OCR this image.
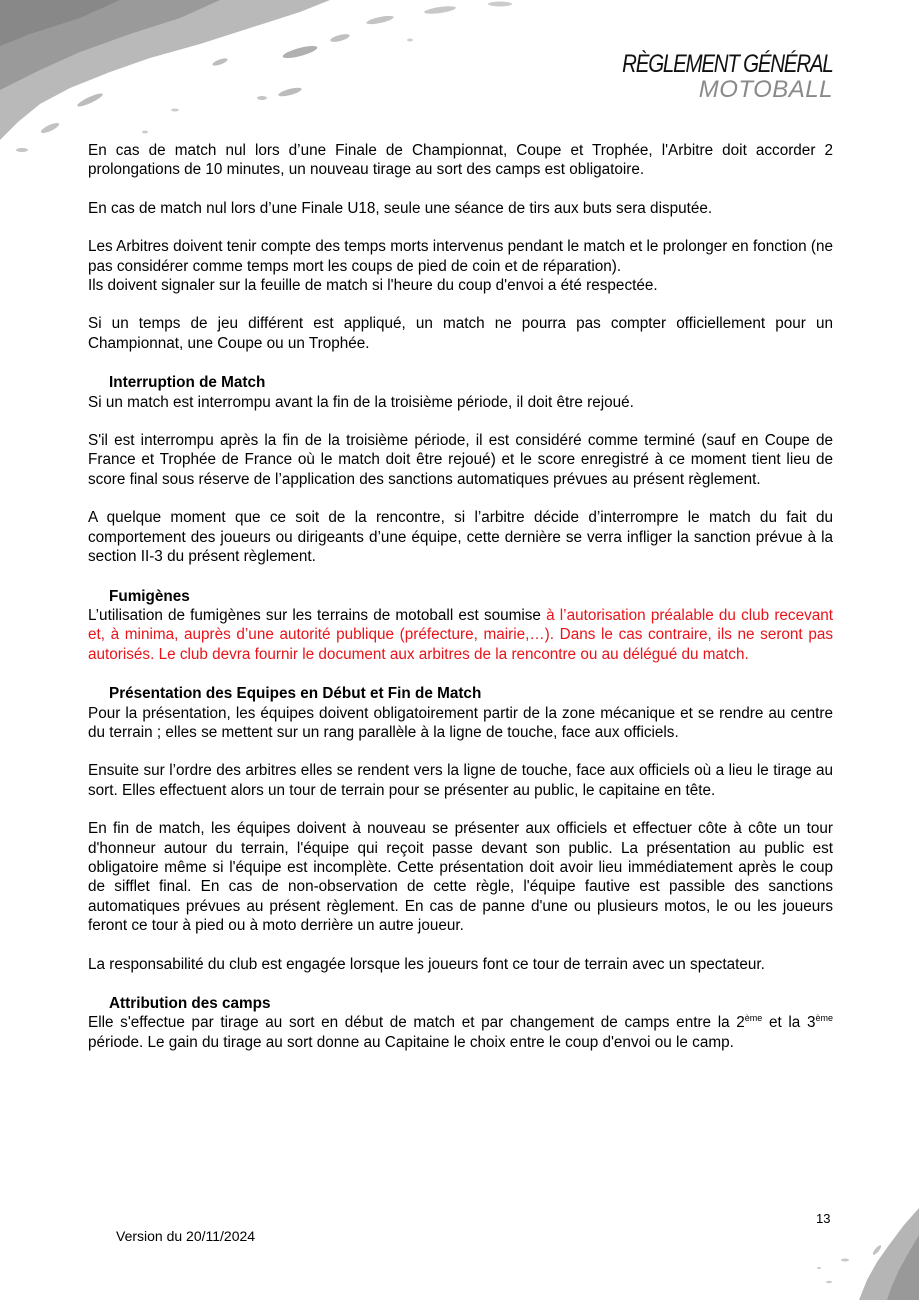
RÈGLEMENT GÉNÉRAL
MOTOBALL

En cas de match nul lors d’une Finale de Championnat, Coupe et Trophée, l'Arbitre doit accorder 2 prolongations de 10 minutes, un nouveau tirage au sort des camps est obligatoire.

En cas de match nul lors d’une Finale U18, seule une séance de tirs aux buts sera disputée.

Les Arbitres doivent tenir compte des temps morts intervenus pendant le match et le prolonger en fonction (ne pas considérer comme temps mort les coups de pied de coin et de réparation).

Ils doivent signaler sur la feuille de match si l'heure du coup d'envoi a été respectée.

Si un temps de jeu différent est appliqué, un match ne pourra pas compter officiellement pour un Championnat, une Coupe ou un Trophée.

Interruption de Match

Si un match est interrompu avant la fin de la troisième période, il doit être rejoué.

S'il est interrompu après la fin de la troisième période, il est considéré comme terminé (sauf en Coupe de France et Trophée de France où le match doit être rejoué) et le score enregistré à ce moment tient lieu de score final sous réserve de l’application des sanctions automatiques prévues au présent règlement.

A quelque moment que ce soit de la rencontre, si l’arbitre décide d’interrompre le match du fait du comportement des joueurs ou dirigeants d’une équipe, cette dernière se verra infliger la sanction prévue à la section II-3 du présent règlement.

Fumigènes

L’utilisation de fumigènes sur les terrains de motoball est soumise à l’autorisation préalable du club recevant et, à minima, auprès d’une autorité publique (préfecture, mairie,…). Dans le cas contraire, ils ne seront pas autorisés. Le club devra fournir le document aux arbitres de la rencontre ou au délégué du match.

Présentation des Equipes en Début et Fin de Match

Pour la présentation, les équipes doivent obligatoirement partir de la zone mécanique et se rendre au centre du terrain ; elles se mettent sur un rang parallèle à la ligne de touche, face aux officiels.

Ensuite sur l’ordre des arbitres elles se rendent vers la ligne de touche, face aux officiels où a lieu le tirage au sort. Elles effectuent alors un tour de terrain pour se présenter au public, le capitaine en tête.

En fin de match, les équipes doivent à nouveau se présenter aux officiels et effectuer côte à côte un tour d'honneur autour du terrain, l'équipe qui reçoit passe devant son public. La présentation au public est obligatoire même si l'équipe est incomplète. Cette présentation doit avoir lieu immédiatement après le coup de sifflet final. En cas de non-observation de cette règle, l'équipe fautive est passible des sanctions automatiques prévues au présent règlement. En cas de panne d'une ou plusieurs motos, le ou les joueurs feront ce tour à pied ou à moto derrière un autre joueur.

La responsabilité du club est engagée lorsque les joueurs font ce tour de terrain avec un spectateur.

Attribution des camps

Elle s'effectue par tirage au sort en début de match et par changement de camps entre la 2ème et la 3ème période. Le gain du tirage au sort donne au Capitaine le choix entre le coup d'envoi ou le camp.

Version du 20/11/2024
13
